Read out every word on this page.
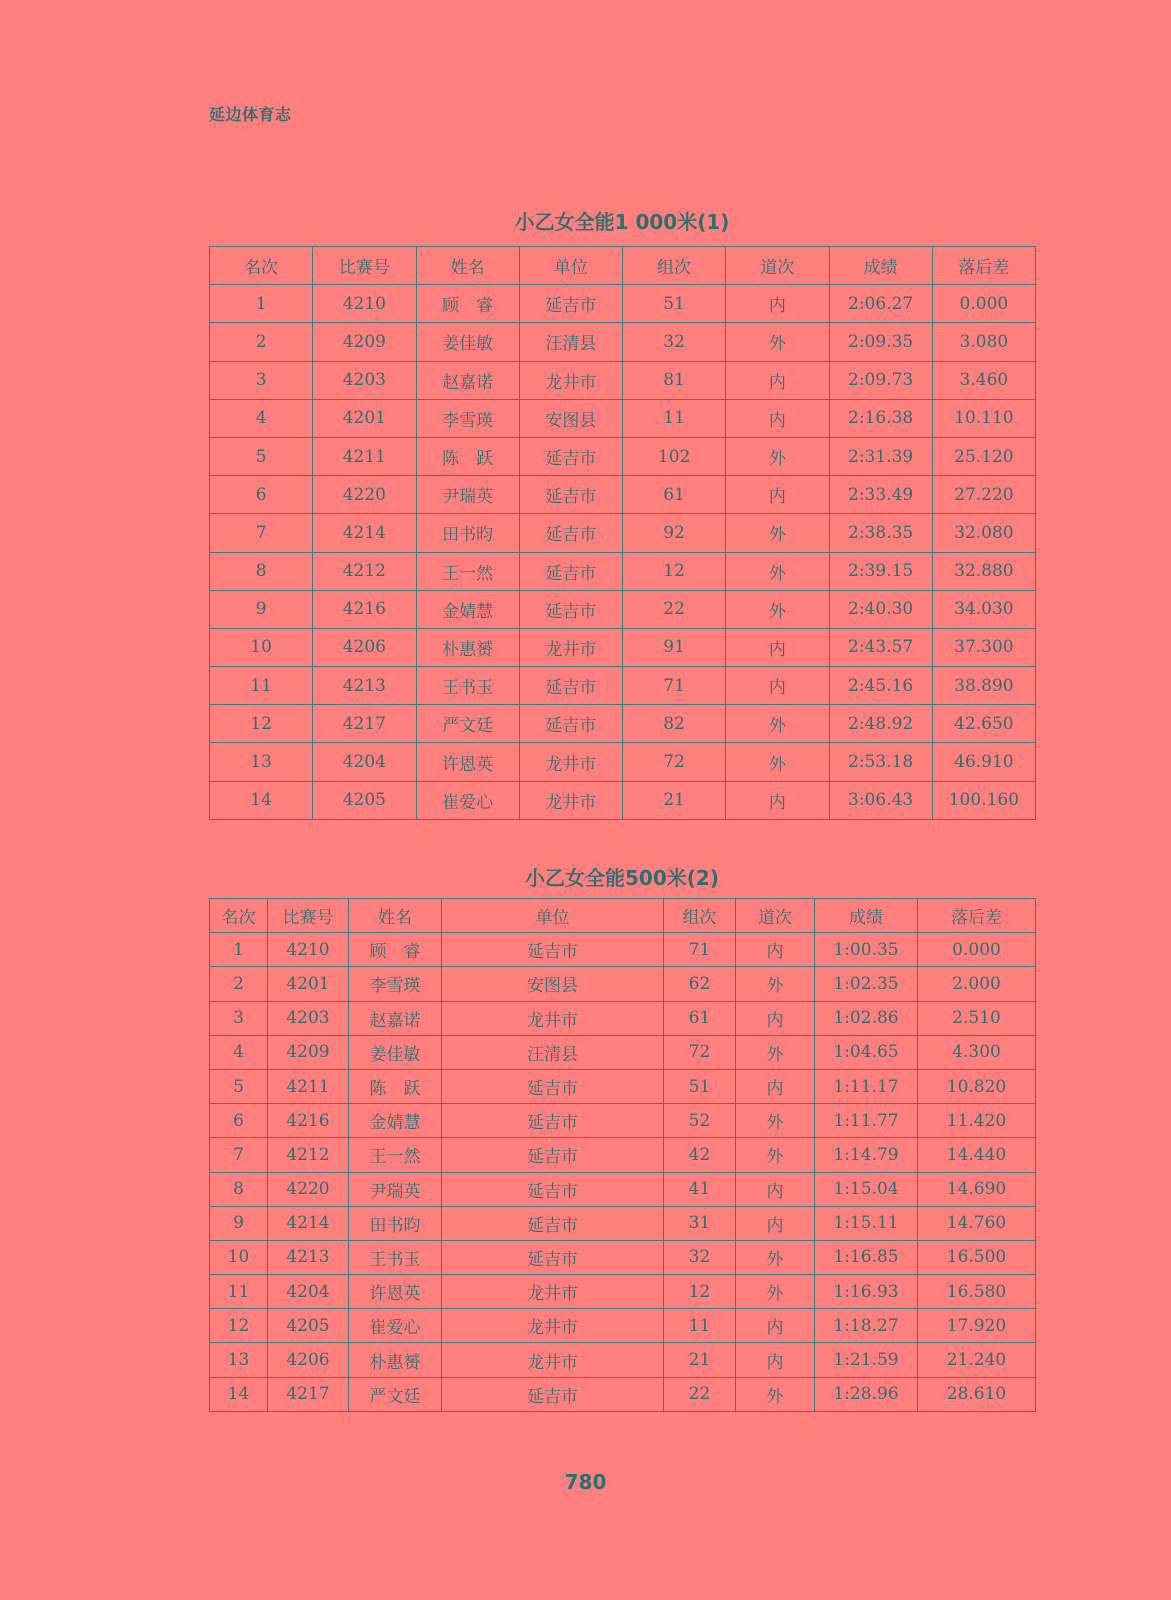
延边体育志
小乙女全能1 000米(1)
名次	比赛号	姓名	单位	组次	道次	成绩	落后差
1	4210	顾　睿	延吉市	51	内	2:06.27	0.000
2	4209	姜佳敏	汪清县	32	外	2:09.35	3.080
3	4203	赵嘉诺	龙井市	81	内	2:09.73	3.460
4	4201	李雪瑛	安图县	11	内	2:16.38	10.110
5	4211	陈　跃	延吉市	102	外	2:31.39	25.120
6	4220	尹瑞英	延吉市	61	内	2:33.49	27.220
7	4214	田书昀	延吉市	92	外	2:38.35	32.080
8	4212	王一然	延吉市	12	外	2:39.15	32.880
9	4216	金婧慧	延吉市	22	外	2:40.30	34.030
10	4206	朴惠赟	龙井市	91	内	2:43.57	37.300
11	4213	王书玉	延吉市	71	内	2:45.16	38.890
12	4217	严文廷	延吉市	82	外	2:48.92	42.650
13	4204	许恩英	龙井市	72	外	2:53.18	46.910
14	4205	崔爱心	龙井市	21	内	3:06.43	100.160
小乙女全能500米(2)
名次	比赛号	姓名	单位	组次	道次	成绩	落后差
1	4210	顾　睿	延吉市	71	内	1:00.35	0.000
2	4201	李雪瑛	安图县	62	外	1:02.35	2.000
3	4203	赵嘉诺	龙井市	61	内	1:02.86	2.510
4	4209	姜佳敏	汪清县	72	外	1:04.65	4.300
5	4211	陈　跃	延吉市	51	内	1:11.17	10.820
6	4216	金婧慧	延吉市	52	外	1:11.77	11.420
7	4212	王一然	延吉市	42	外	1:14.79	14.440
8	4220	尹瑞英	延吉市	41	内	1:15.04	14.690
9	4214	田书昀	延吉市	31	内	1:15.11	14.760
10	4213	王书玉	延吉市	32	外	1:16.85	16.500
11	4204	许恩英	龙井市	12	外	1:16.93	16.580
12	4205	崔爱心	龙井市	11	内	1:18.27	17.920
13	4206	朴惠赟	龙井市	21	内	1:21.59	21.240
14	4217	严文廷	延吉市	22	外	1:28.96	28.610
780
